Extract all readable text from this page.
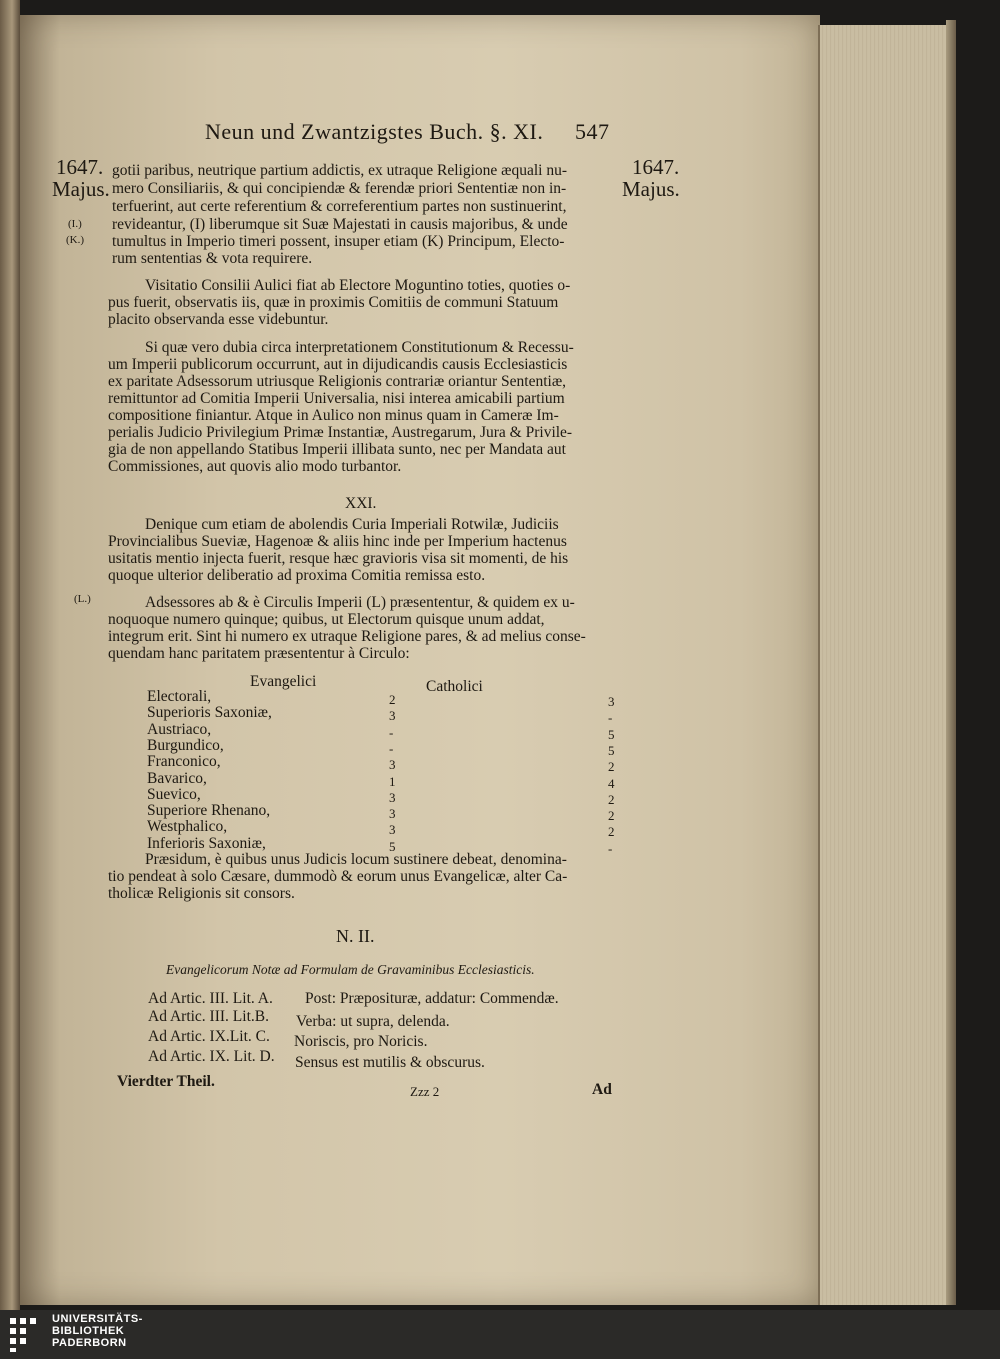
Neun und Zwantzigstes Buch. §. XI. 547
1647.
Majus.
1647.
Majus.
(I.)
(K.)
(L.)
gotii paribus, neutrique partium addictis, ex utraque Religione æquali nu-
mero Consiliariis, & qui concipiendæ & ferendæ priori Sententiæ non in-
terfuerint, aut certe referentium & correferentium partes non sustinuerint,
revideantur, (I) liberumque sit Suæ Majestati in causis majoribus, & unde
tumultus in Imperio timeri possent, insuper etiam (K) Principum, Electo-
rum sententias & vota requirere.
Visitatio Consilii Aulici fiat ab Electore Moguntino toties, quoties o-
pus fuerit, observatis iis, quæ in proximis Comitiis de communi Statuum
placito observanda esse videbuntur.
Si quæ vero dubia circa interpretationem Constitutionum & Recessu-
um Imperii publicorum occurrunt, aut in dijudicandis causis Ecclesiasticis
ex paritate Adsessorum utriusque Religionis contrariæ oriantur Sententiæ,
remittuntor ad Comitia Imperii Universalia, nisi interea amicabili partium
compositione finiantur. Atque in Aulico non minus quam in Cameræ Im-
perialis Judicio Privilegium Primæ Instantiæ, Austregarum, Jura & Privile-
gia de non appellando Statibus Imperii illibata sunto, nec per Mandata aut
Commissiones, aut quovis alio modo turbantor.
XXI.
Denique cum etiam de abolendis Curia Imperiali Rotwilæ, Judiciis
Provincialibus Sueviæ, Hagenoæ & aliis hinc inde per Imperium hactenus
usitatis mentio injecta fuerit, resque hæc gravioris visa sit momenti, de his
quoque ulterior deliberatio ad proxima Comitia remissa esto.
Adsessores ab & è Circulis Imperii (L) præsententur, & quidem ex u-
noquoque numero quinque; quibus, ut Electorum quisque unum addat,
integrum erit. Sint hi numero ex utraque Religione pares, & ad melius conse-
quendam hanc paritatem præsententur à Circulo:
Evangelici	Catholici
Electorali,	2	3
Superioris Saxoniæ,	3	-
Austriaco,	-	5
Burgundico,	-	5
Franconico,	3	2
Bavarico,	1	4
Suevico,	3	2
Superiore Rhenano,	3	2
Westphalico,	3	2
Inferioris Saxoniæ,	5	-
Præsidum, è quibus unus Judicis locum sustinere debeat, denomina-
tio pendeat à solo Cæsare, dummodò & eorum unus Evangelicæ, alter Ca-
tholicæ Religionis sit consors.
N. II.
Evangelicorum Notæ ad Formulam de Gravaminibus Ecclesiasticis.
Ad Artic. III. Lit. A. Post: Præposituræ, addatur: Commendæ.
Ad Artic. III. Lit.B. Verba: ut supra, delenda.
Ad Artic. IX.Lit. C. Noriscis, pro Noricis.
Ad Artic. IX. Lit. D. Sensus est mutilis & obscurus.
Vierdter Theil.
Zzz 2	Ad
UNIVERSITÄTS-
BIBLIOTHEK
PADERBORN
